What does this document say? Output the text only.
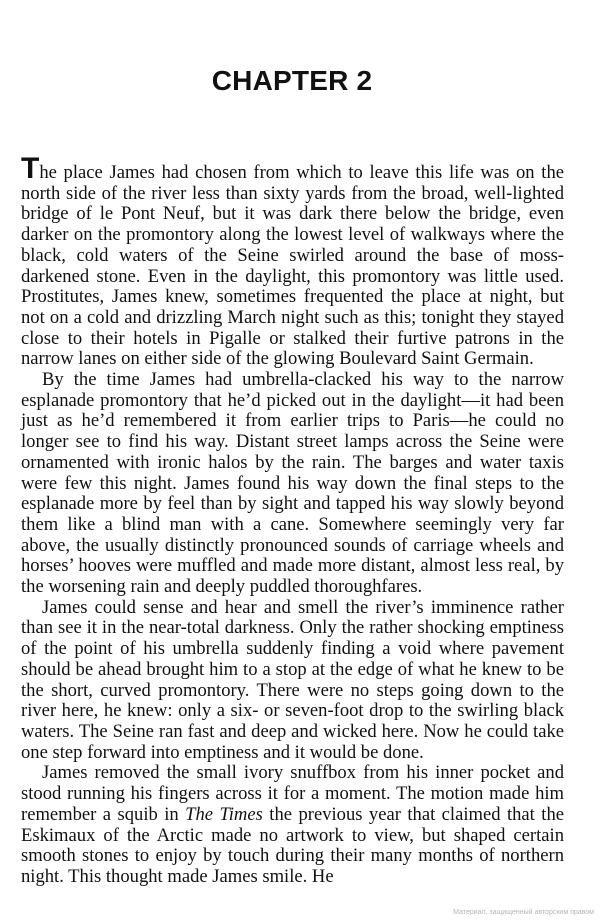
CHAPTER 2

The place James had chosen from which to leave this life was on the north side of the river less than sixty yards from the broad, well-lighted bridge of le Pont Neuf, but it was dark there below the bridge, even darker on the promontory along the lowest level of walkways where the black, cold waters of the Seine swirled around the base of moss-darkened stone. Even in the daylight, this promontory was little used. Prostitutes, James knew, sometimes frequented the place at night, but not on a cold and drizzling March night such as this; tonight they stayed close to their hotels in Pigalle or stalked their furtive patrons in the narrow lanes on either side of the glowing Boulevard Saint Germain.

By the time James had umbrella-clacked his way to the narrow esplanade promontory that he’d picked out in the daylight—it had been just as he’d remembered it from earlier trips to Paris—he could no longer see to find his way. Distant street lamps across the Seine were ornamented with ironic halos by the rain. The barges and water taxis were few this night. James found his way down the final steps to the esplanade more by feel than by sight and tapped his way slowly beyond them like a blind man with a cane. Somewhere seemingly very far above, the usually distinctly pronounced sounds of carriage wheels and horses’ hooves were muffled and made more distant, almost less real, by the worsening rain and deeply puddled thoroughfares.

James could sense and hear and smell the river’s imminence rather than see it in the near-total darkness. Only the rather shocking emptiness of the point of his umbrella suddenly finding a void where pavement should be ahead brought him to a stop at the edge of what he knew to be the short, curved promontory. There were no steps going down to the river here, he knew: only a six- or seven-foot drop to the swirling black waters. The Seine ran fast and deep and wicked here. Now he could take one step forward into emptiness and it would be done.

James removed the small ivory snuffbox from his inner pocket and stood running his fingers across it for a moment. The motion made him remember a squib in The Times the previous year that claimed that the Eskimaux of the Arctic made no artwork to view, but shaped certain smooth stones to enjoy by touch during their many months of northern night. This thought made James smile. He

Материал, защищенный авторским правом
